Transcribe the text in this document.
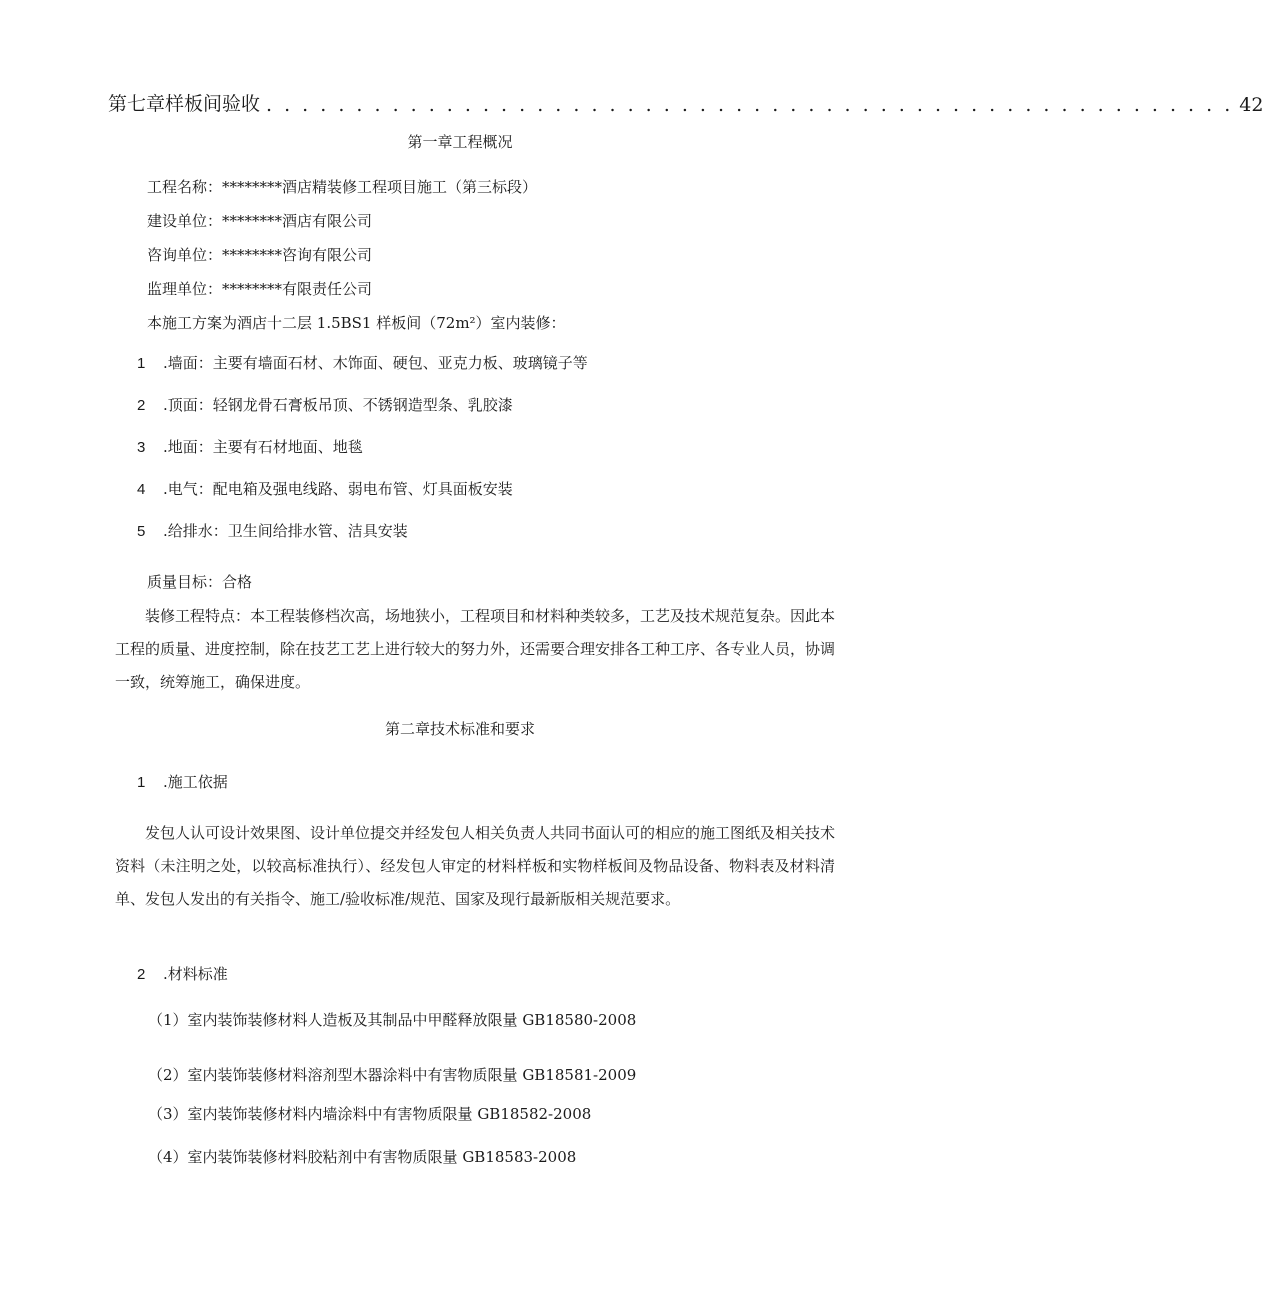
第七章样板间验收 . . . . . . . . . . . . . . . . . . . . . . . . . . . . . . . . . . . . . . . . . . . . . . . . . . . . . . 42
第一章工程概况
工程名称：********酒店精装修工程项目施工（第三标段）
建设单位：********酒店有限公司
咨询单位：********咨询有限公司
监理单位：********有限责任公司
本施工方案为酒店十二层 1.5BS1 样板间（72m²）室内装修：
1 .墙面：主要有墙面石材、木饰面、硬包、亚克力板、玻璃镜子等
2 .顶面：轻钢龙骨石膏板吊顶、不锈钢造型条、乳胶漆
3 .地面：主要有石材地面、地毯
4 .电气：配电箱及强电线路、弱电布管、灯具面板安装
5 .给排水：卫生间给排水管、洁具安装
质量目标：合格
装修工程特点：本工程装修档次高，场地狭小，工程项目和材料种类较多，工艺及技术规范复杂。因此本工程的质量、进度控制，除在技艺工艺上进行较大的努力外，还需要合理安排各工种工序、各专业人员，协调一致，统筹施工，确保进度。
第二章技术标准和要求
1 .施工依据
发包人认可设计效果图、设计单位提交并经发包人相关负责人共同书面认可的相应的施工图纸及相关技术资料（未注明之处，以较高标准执行）、经发包人审定的材料样板和实物样板间及物品设备、物料表及材料清单、发包人发出的有关指令、施工/验收标准/规范、国家及现行最新版相关规范要求。
2 .材料标准
（1）室内装饰装修材料人造板及其制品中甲醛释放限量 GB18580-2008
（2）室内装饰装修材料溶剂型木器涂料中有害物质限量 GB18581-2009
（3）室内装饰装修材料内墙涂料中有害物质限量 GB18582-2008
（4）室内装饰装修材料胶粘剂中有害物质限量 GB18583-2008
